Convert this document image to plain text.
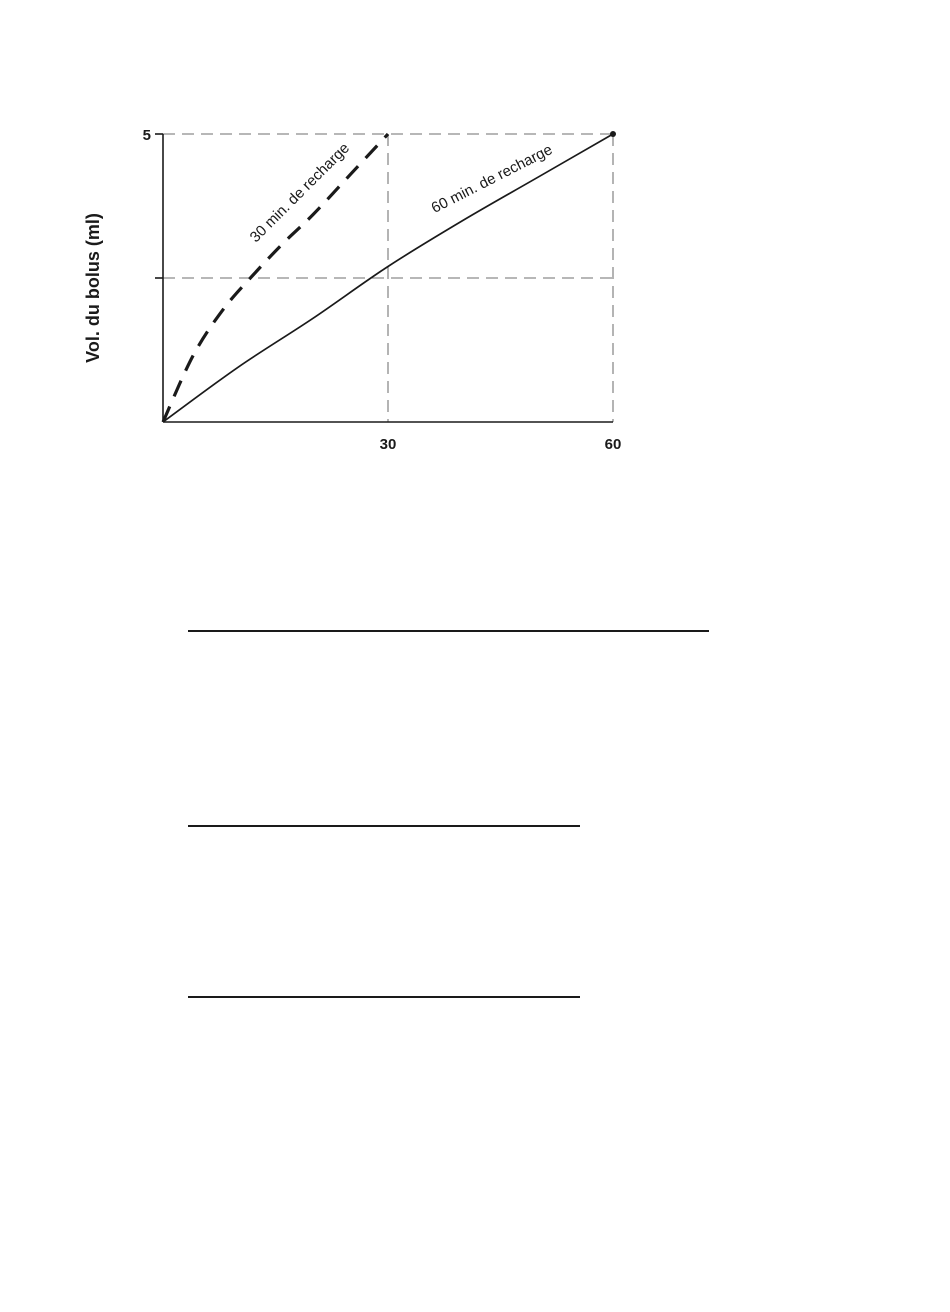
5
30	60
30 min. de recharge	60 min. de recharge
Vol. du bolus (ml)
